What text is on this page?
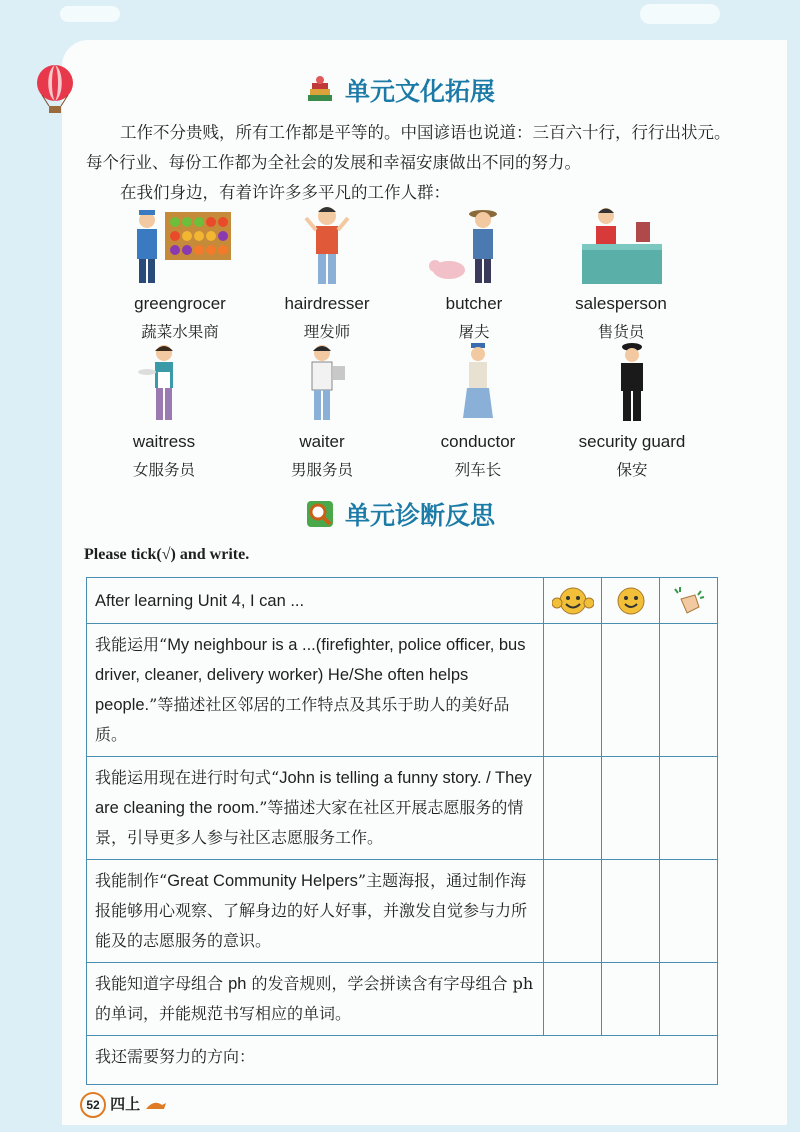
单元文化拓展
工作不分贵贱，所有工作都是平等的。中国谚语也说道：三百六十行，行行出状元。每个行业、每份工作都为全社会的发展和幸福安康做出不同的努力。
在我们身边，有着许许多多平凡的工作人群：
greengrocer
蔬菜水果商
hairdresser
理发师
butcher
屠夫
salesperson
售货员
waitress
女服务员
waiter
男服务员
conductor
列车长
security guard
保安
单元诊断反思
Please tick(√) and write.
After learning Unit 4, I can ...
我能运用“My neighbour is a ...(firefighter, police officer, bus driver, cleaner, delivery worker) He/She often helps people.”等描述社区邻居的工作特点及其乐于助人的美好品质。
我能运用现在进行时句式“John is telling a funny story. / They are cleaning the room.”等描述大家在社区开展志愿服务的情景，引导更多人参与社区志愿服务工作。
我能制作“Great Community Helpers”主题海报，通过制作海报能够用心观察、了解身边的好人好事，并激发自觉参与力所能及的志愿服务的意识。
我能知道字母组合 ph 的发音规则，学会拼读含有字母组合 ph 的单词，并能规范书写相应的单词。
我还需要努力的方向：
52 四上
